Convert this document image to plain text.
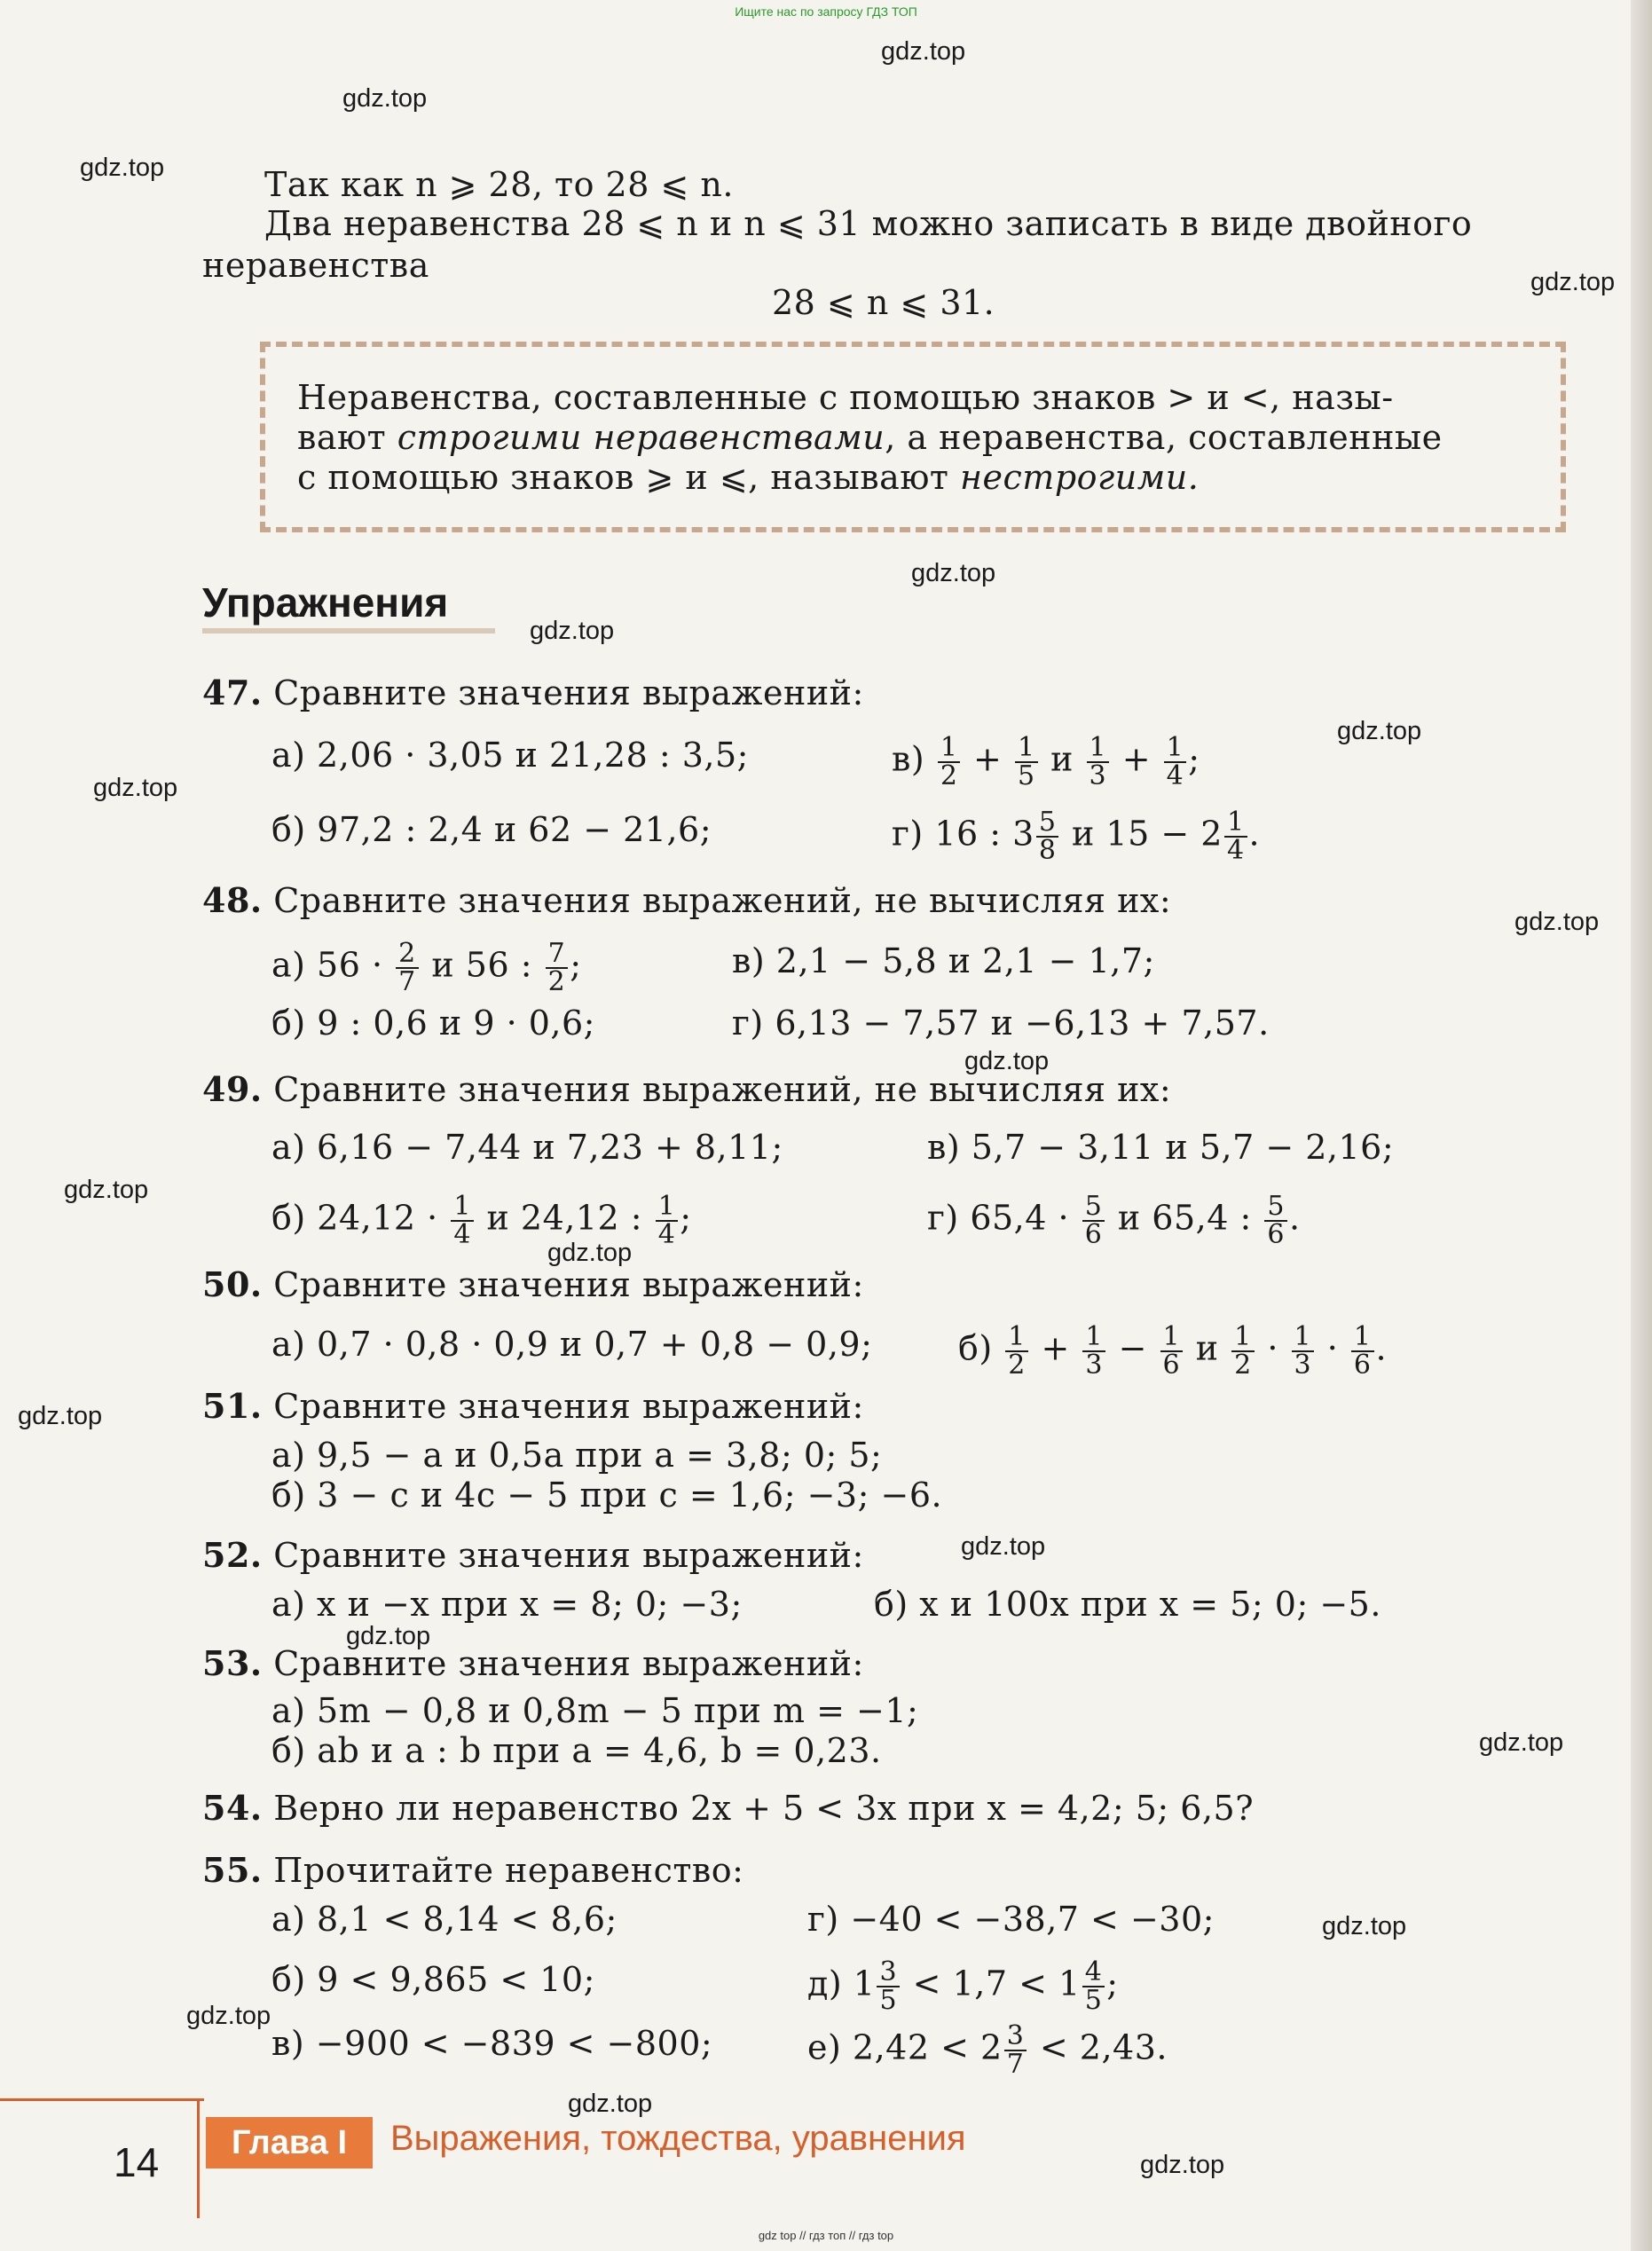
Ищите нас по запросу ГДЗ ТОП
gdz.top
gdz.top
gdz.top
gdz.top
gdz.top
gdz.top
gdz.top
gdz.top
gdz.top
gdz.top
gdz.top
gdz.top
gdz.top
gdz.top
gdz.top
gdz.top
gdz.top
gdz.top
gdz.top
gdz.top
Так как n ⩾ 28, то 28 ⩽ n.
Два неравенства 28 ⩽ n и n ⩽ 31 можно записать в виде двойного
неравенства
28 ⩽ n ⩽ 31.
Неравенства, составленные с помощью знаков > и <, назы-
вают строгими неравенствами, а неравенства, составленные
с помощью знаков ⩾ и ⩽, называют нестрогими.
Упражнения
47. Сравните значения выражений:
а) 2,06 · 3,05 и 21,28 : 3,5;	$в) \frac{1}{2} + \frac{1}{5}$ и $\frac{1}{3} + \frac{1}{4}$ ;
б) 97,2 : 2,4 и 62 − 21,6;	г) 16 : $3 \frac{5}{8}$ и $15 - 2 \frac{1}{4}$ .
48. Сравните значения выражений, не вычисляя их:
а) $56 \cdot \frac{2}{7}$ и 56 : $\frac{7}{2}$ ;	в) 2,1 − 5,8 и 2,1 − 1,7;
б) 9 : 0,6 и 9 · 0,6;	г) 6,13 − 7,57 и −6,13 + 7,57.
49. Сравните значения выражений, не вычисляя их:
а) 6,16 − 7,44 и 7,23 + 8,11;	в) 5,7 − 3,11 и 5,7 − 2,16;
б) $24,12 \cdot \frac{1}{4}$ и 24,12 : $\frac{1}{4}$ ;	г) $65,4 \cdot \frac{5}{6}$ и 65,4 : $\frac{5}{6}$ .
50. Сравните значения выражений:
а) 0,7 · 0,8 · 0,9 и 0,7 + 0,8 − 0,9;	$б) \frac{1}{2} + \frac{1}{3} - \frac{1}{6}$ и $\frac{1}{2} \cdot \frac{1}{3} \cdot \frac{1}{6}$ .
51. Сравните значения выражений:
а) 9,5 − a и 0,5a при a = 3,8; 0; 5;
б) 3 − c и 4c − 5 при c = 1,6; −3; −6.
52. Сравните значения выражений:
а) x и −x при x = 8; 0; −3;	б) x и 100x при x = 5; 0; −5.
53. Сравните значения выражений:
а) 5m − 0,8 и 0,8m − 5 при m = −1;
б) ab и a : b при a = 4,6, b = 0,23.
54. Верно ли неравенство 2x + 5 < 3x при x = 4,2; 5; 6,5?
55. Прочитайте неравенство:
а) 8,1 < 8,14 < 8,6;	г) −40 < −38,7 < −30;
б) 9 < 9,865 < 10;	д) $1 \frac{3}{5} < 1,7 < 1 \frac{4}{5}$ ;
в) −900 < −839 < −800;	е) $2,42 < 2 \frac{3}{7} < 2,43$.
14	Глава I	Выражения, тождества, уравнения
gdz top // гдз топ // гдз top
